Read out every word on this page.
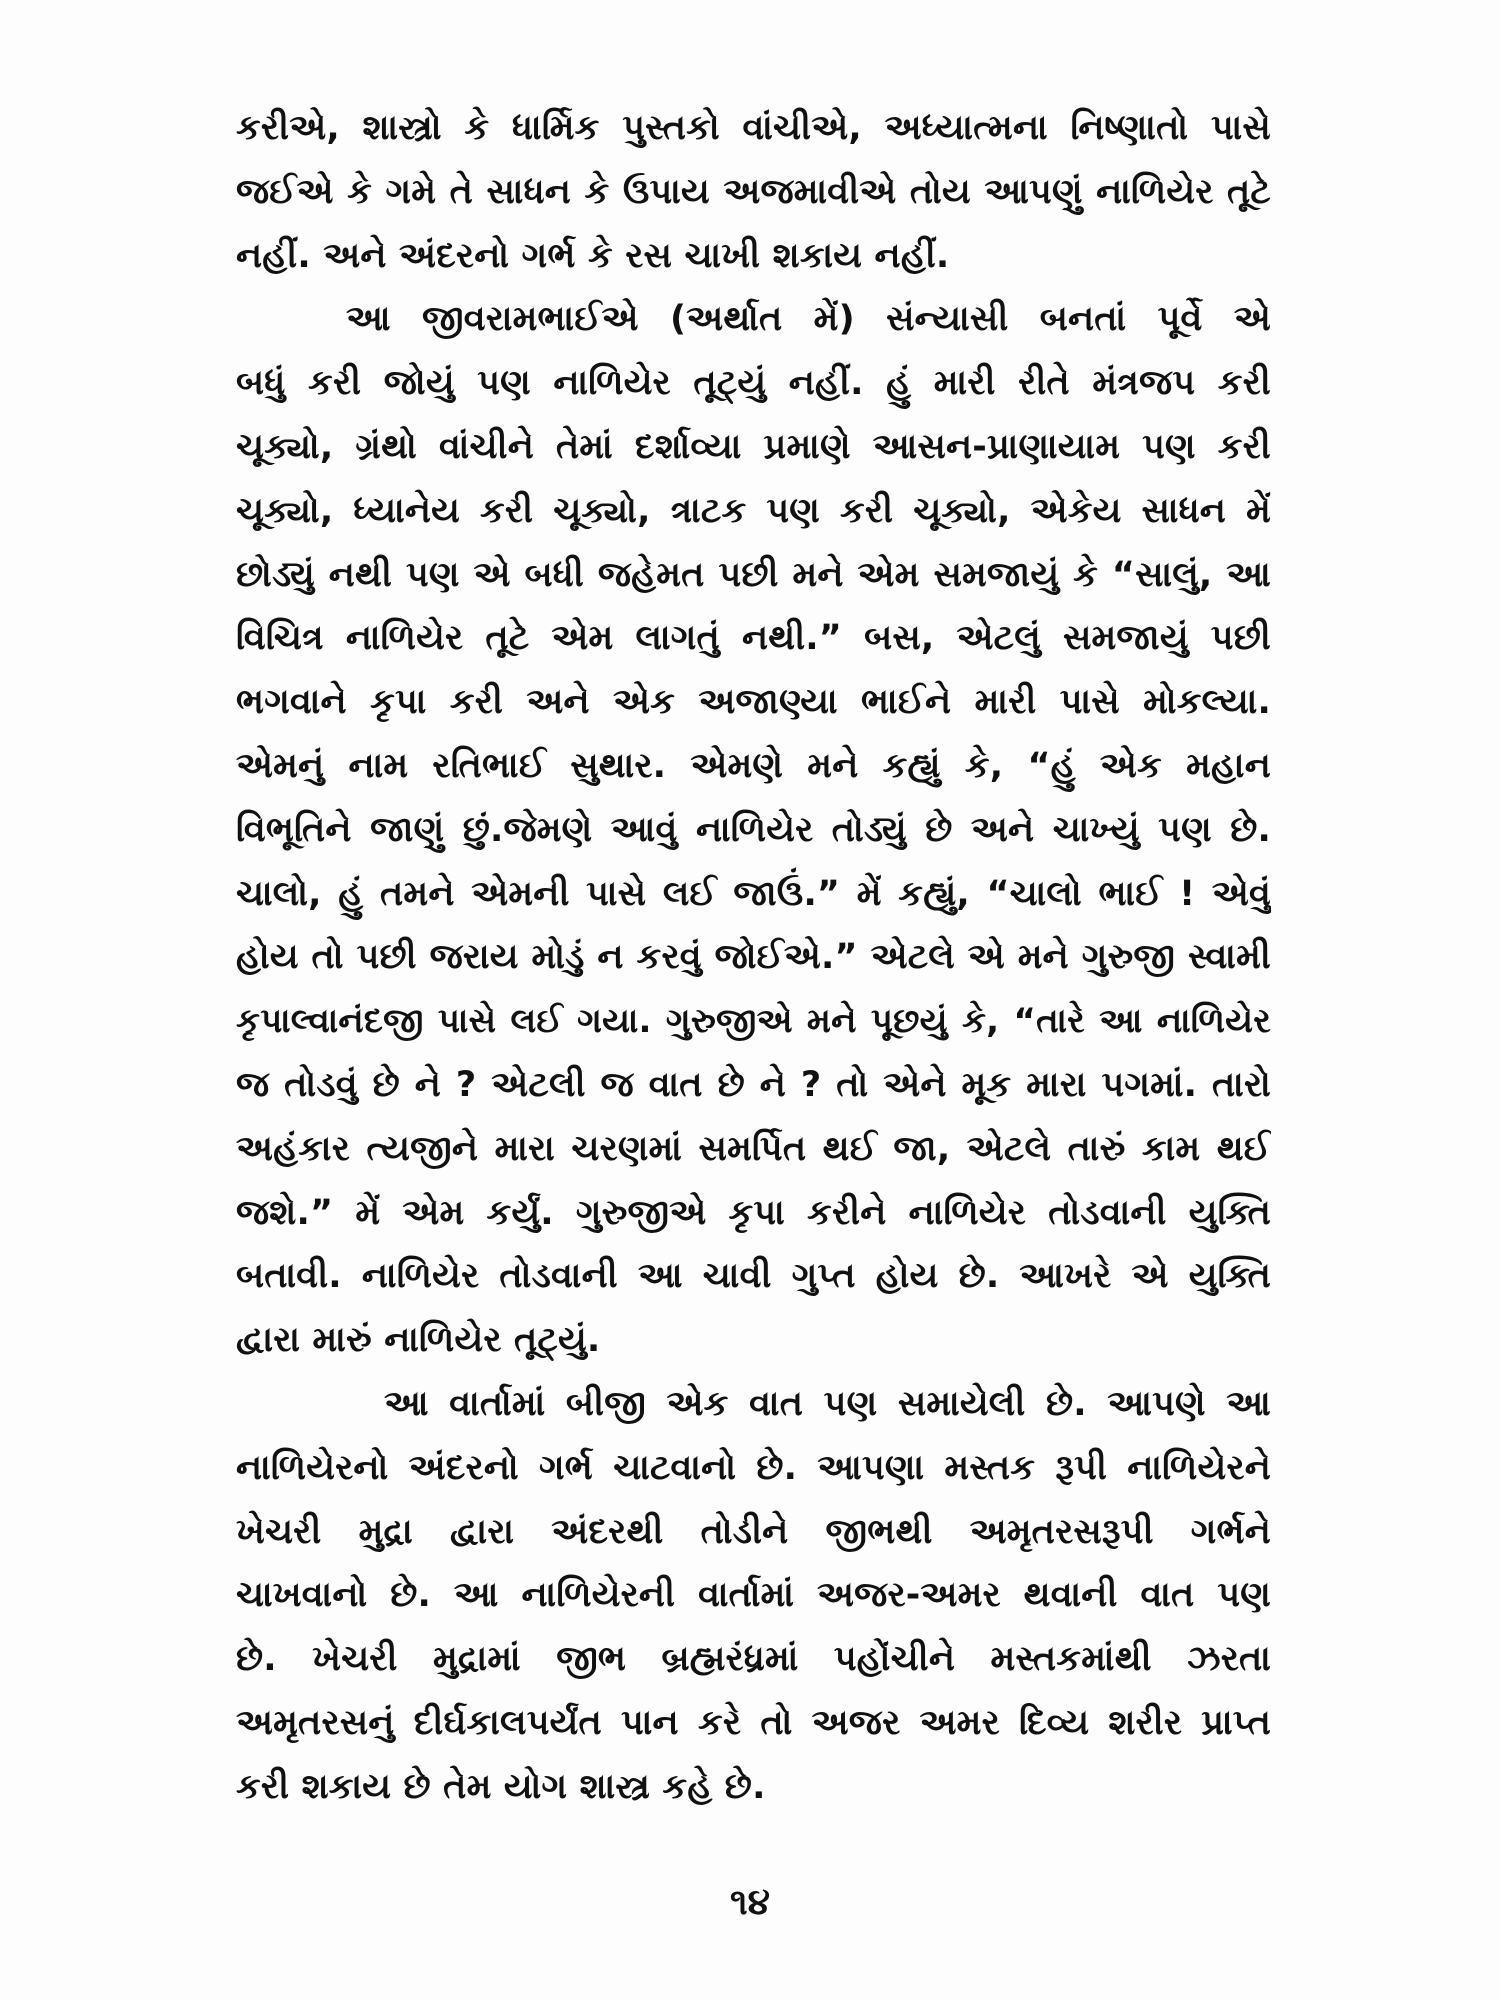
કરીએ, શાસ્ત્રો કે ધાર્મિક પુસ્તકો વાંચીએ, અધ્યાત્મના નિષ્ણાતો પાસે
જઈએ કે ગમે તે સાધન કે ઉપાય અજમાવીએ તોય આપણું નાળિયેર તૂટે
નહીં. અને અંદરનો ગર્ભ કે રસ ચાખી શકાય નહીં.
આ જીવરામભાઈએ (અર્થાત મેં) સંન્યાસી બનતાં પૂર્વે એ
બધું કરી જોયું પણ નાળિયેર તૂટ્યું નહીં. હું મારી રીતે મંત્રજપ કરી
ચૂક્યો, ગ્રંથો વાંચીને તેમાં દર્શાવ્યા પ્રમાણે આસન-પ્રાણાયામ પણ કરી
ચૂક્યો, ધ્યાનેય કરી ચૂક્યો, ત્રાટક પણ કરી ચૂક્યો, એકેય સાધન મેં
છોડ્યું નથી પણ એ બધી જહેમત પછી મને એમ સમજાયું કે “સાલું, આ
વિચિત્ર નાળિયેર તૂટે એમ લાગતું નથી.” બસ, એટલું સમજાયું પછી
ભગવાને કૃપા કરી અને એક અજાણ્યા ભાઈને મારી પાસે મોકલ્યા.
એમનું નામ રતિભાઈ સુથાર. એમણે મને કહ્યું કે, “હું એક મહાન
વિભૂતિને જાણું છું.જેમણે આવું નાળિયેર તોડ્યું છે અને ચાખ્યું પણ છે.
ચાલો, હું તમને એમની પાસે લઈ જાઉં.” મેં કહ્યું, “ચાલો ભાઈ ! એવું
હોય તો પછી જરાય મોડું ન કરવું જોઈએ.” એટલે એ મને ગુરુજી સ્વામી
કૃપાલ્વાનંદજી પાસે લઈ ગયા. ગુરુજીએ મને પૂછયું કે, “તારે આ નાળિયેર
જ તોડવું છે ને ? એટલી જ વાત છે ને ? તો એને મૂક મારા પગમાં. તારો
અહંકાર ત્યજીને મારા ચરણમાં સમર્પિત થઈ જા, એટલે તારું કામ થઈ
જશે.” મેં એમ કર્યું. ગુરુજીએ કૃપા કરીને નાળિયેર તોડવાની યુક્તિ
બતાવી. નાળિયેર તોડવાની આ ચાવી ગુપ્ત હોય છે. આખરે એ યુક્તિ
દ્વારા મારું નાળિયેર તૂટ્યું.
આ વાર્તામાં બીજી એક વાત પણ સમાયેલી છે. આપણે આ
નાળિયેરનો અંદરનો ગર્ભ ચાટવાનો છે. આપણા મસ્તક રૂપી નાળિયેરને
ખેચરી મુદ્રા દ્વારા અંદરથી તોડીને જીભથી અમૃતરસરૂપી ગર્ભને
ચાખવાનો છે. આ નાળિયેરની વાર્તામાં અજર-અમર થવાની વાત પણ
છે. ખેચરી મુદ્રામાં જીભ બ્રહ્મરંધ્રમાં પહોંચીને મસ્તકમાંથી ઝરતા
અમૃતરસનું દીર્ઘકાલપર્યંત પાન કરે તો અજર અમર દિવ્ય શરીર પ્રાપ્ત
કરી શકાય છે તેમ યોગ શાસ્ત્ર કહે છે.
૧૪
